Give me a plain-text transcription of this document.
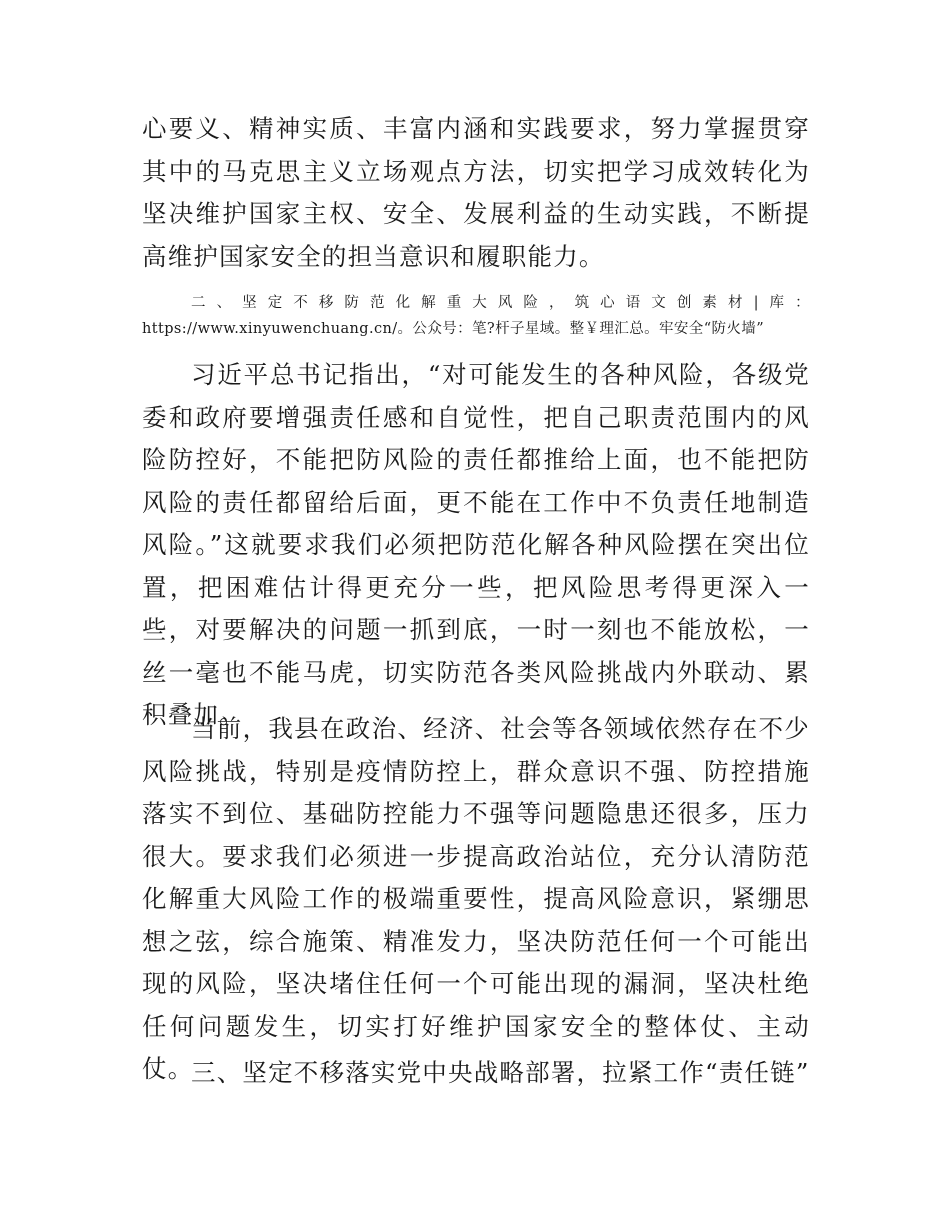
心要义、精神实质、丰富内涵和实践要求，努力掌握贯穿其中的马克思主义立场观点方法，切实把学习成效转化为坚决维护国家主权、安全、发展利益的生动实践，不断提高维护国家安全的担当意识和履职能力。

二、坚定不移防范化解重大风险，筑心语文创素材|库：https://www.xinyuwenchuang.cn/。公众号：笔?杆子星域。整￥理汇总。牢安全“防火墙”

习近平总书记指出，“对可能发生的各种风险，各级党委和政府要增强责任感和自觉性，把自己职责范围内的风险防控好，不能把防风险的责任都推给上面，也不能把防风险的责任都留给后面，更不能在工作中不负责任地制造风险。”这就要求我们必须把防范化解各种风险摆在突出位置，把困难估计得更充分一些，把风险思考得更深入一些，对要解决的问题一抓到底，一时一刻也不能放松，一丝一毫也不能马虎，切实防范各类风险挑战内外联动、累积叠加。

当前，我县在政治、经济、社会等各领域依然存在不少风险挑战，特别是疫情防控上，群众意识不强、防控措施落实不到位、基础防控能力不强等问题隐患还很多，压力很大。要求我们必须进一步提高政治站位，充分认清防范化解重大风险工作的极端重要性，提高风险意识，紧绷思想之弦，综合施策、精准发力，坚决防范任何一个可能出现的风险，坚决堵住任何一个可能出现的漏洞，坚决杜绝任何问题发生，切实打好维护国家安全的整体仗、主动仗。

三、坚定不移落实党中央战略部署，拉紧工作“责任链”
